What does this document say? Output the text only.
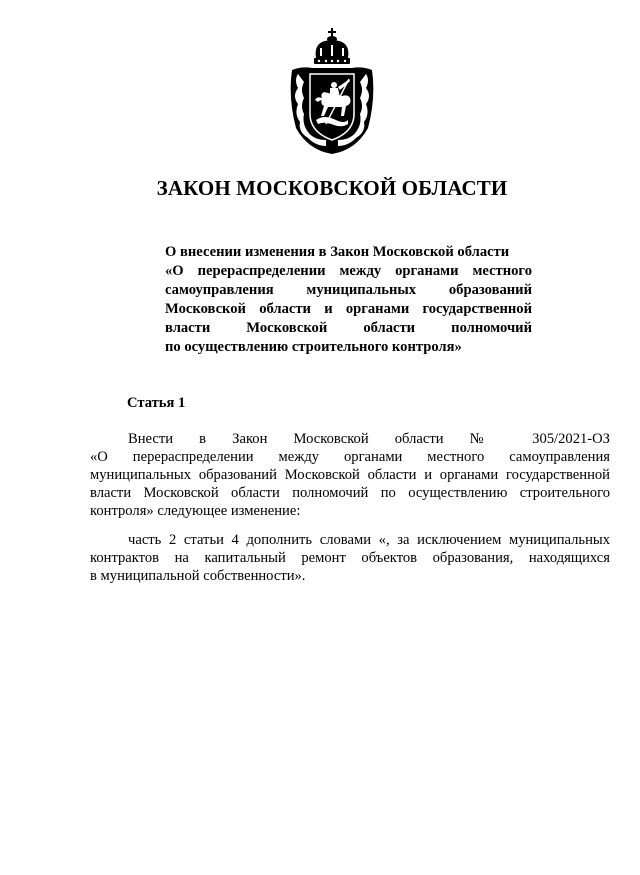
ЗАКОН МОСКОВСКОЙ ОБЛАСТИ
О внесении изменения в Закон Московской области
«О перераспределении между органами местного
самоуправления муниципальных образований
Московской области и органами государственной
власти Московской области полномочий
по осуществлению строительного контроля»
Статья 1
Внести в Закон Московской области № 305/2021-ОЗ
«О перераспределении между органами местного самоуправления
муниципальных образований Московской области и органами государственной
власти Московской области полномочий по осуществлению строительного
контроля» следующее изменение:
часть 2 статьи 4 дополнить словами «, за исключением муниципальных
контрактов на капитальный ремонт объектов образования, находящихся
в муниципальной собственности».
